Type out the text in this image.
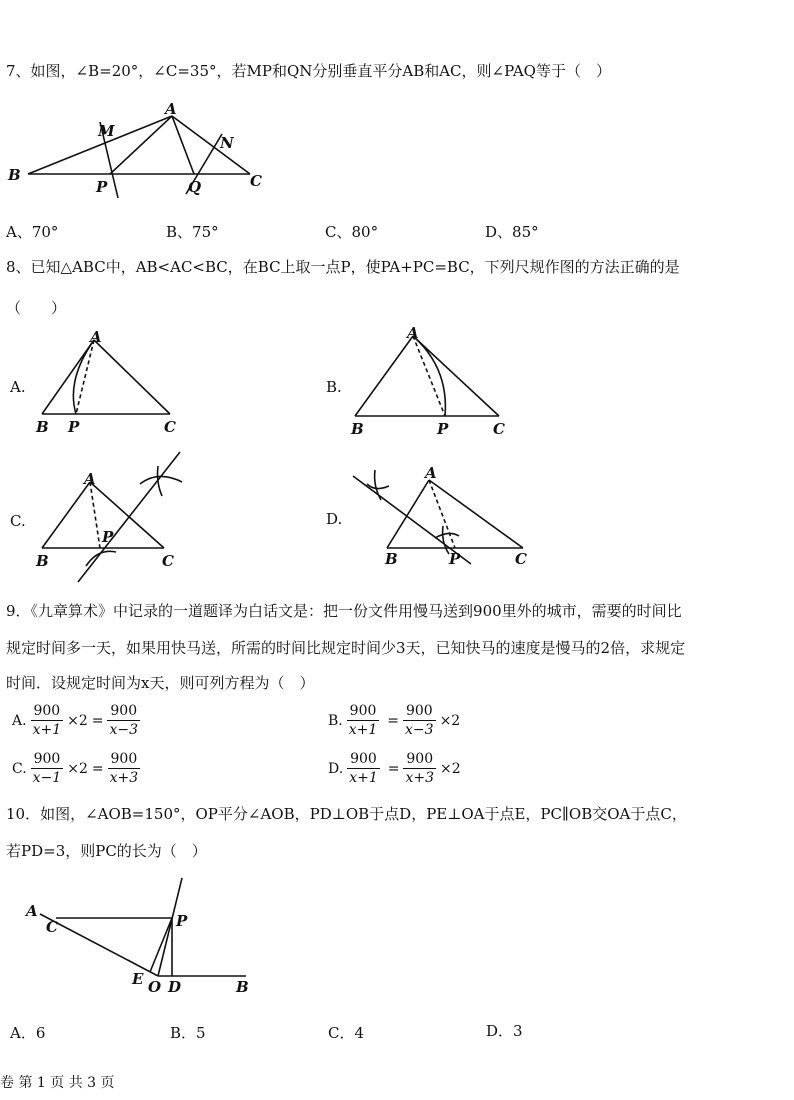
7、如图，∠B=20°，∠C=35°，若MP和QN分别垂直平分AB和AC，则∠PAQ等于（　）
B
A
C
M
N
P	Q
A、70°	B、75°	C、80°	D、85°
8、已知△ABC中，AB<AC<BC，在BC上取一点P，使PA+PC=BC，下列尺规作图的方法正确的是
（　　）
A.
A
B P	C
B.
A
B	P	C
C.
A
B
P
C
D.
A
B	P	C
9．《九章算术》中记录的一道题译为白话文是：把一份文件用慢马送到900里外的城市，需要的时间比
规定时间多一天，如果用快马送，所需的时间比规定时间少3天，已知快马的速度是慢马的2倍，求规定
时间．设规定时间为x天，则可列方程为（　）
A. $\frac{900}{x+1} \times 2 = \frac{900}{x-3}$	B. $\frac{900}{x+1} = \frac{900}{x-3} \times 2$
C. $\frac{900}{x-1} \times 2 = \frac{900}{x+3}$	D. $\frac{900}{x+1} = \frac{900}{x+3} \times 2$
10．如图，∠AOB=150°，OP平分∠AOB，PD⊥OB于点D，PE⊥OA于点E，PC∥OB交OA于点C，
若PD=3，则PC的长为（　）
A
C	P
E O D	B
A．6	B．5	C．4	D．3
卷 第 1 页 共 3 页
